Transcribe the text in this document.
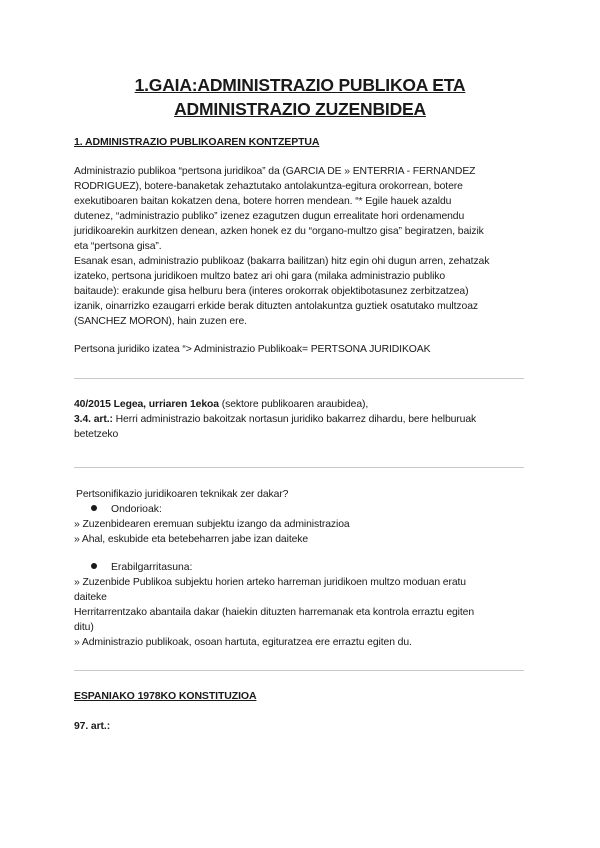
1.GAIA:ADMINISTRAZIO PUBLIKOA ETA
ADMINISTRAZIO ZUZENBIDEA
1. ADMINISTRAZIO PUBLIKOAREN KONTZEPTUA
Administrazio publikoa “pertsona juridikoa” da (GARCIA DE » ENTERRIA - FERNANDEZ
RODRIGUEZ), botere-banaketak zehaztutako antolakuntza-egitura orokorrean, botere
exekutiboaren baitan kokatzen dena, botere horren mendean. “* Egile hauek azaldu
dutenez, “administrazio publiko” izenez ezagutzen dugun errealitate hori ordenamendu
juridikoarekin aurkitzen denean, azken honek ez du “organo-multzo gisa” begiratzen, baizik
eta “pertsona gisa”.
Esanak esan, administrazio publikoaz (bakarra bailitzan) hitz egin ohi dugun arren, zehatzak
izateko, pertsona juridikoen multzo batez ari ohi gara (milaka administrazio publiko
baitaude): erakunde gisa helburu bera (interes orokorrak objektibotasunez zerbitzatzea)
izanik, oinarrizko ezaugarri erkide berak dituzten antolakuntza guztiek osatutako multzoaz
(SANCHEZ MORON), hain zuzen ere.
Pertsona juridiko izatea “> Administrazio Publikoak= PERTSONA JURIDIKOAK
40/2015 Legea, urriaren 1ekoa (sektore publikoaren araubidea),
3.4. art.: Herri administrazio bakoitzak nortasun juridiko bakarrez dihardu, bere helburuak
betetzeko
Pertsonifikazio juridikoaren teknikak zer dakar?
Ondorioak:
» Zuzenbidearen eremuan subjektu izango da administrazioa
» Ahal, eskubide eta betebeharren jabe izan daiteke
Erabilgarritasuna:
» Zuzenbide Publikoa subjektu horien arteko harreman juridikoen multzo moduan eratu
daiteke
Herritarrentzako abantaila dakar (haiekin dituzten harremanak eta kontrola erraztu egiten
ditu)
» Administrazio publikoak, osoan hartuta, egituratzea ere erraztu egiten du.
ESPANIAKO 1978KO KONSTITUZIOA
97. art.:
